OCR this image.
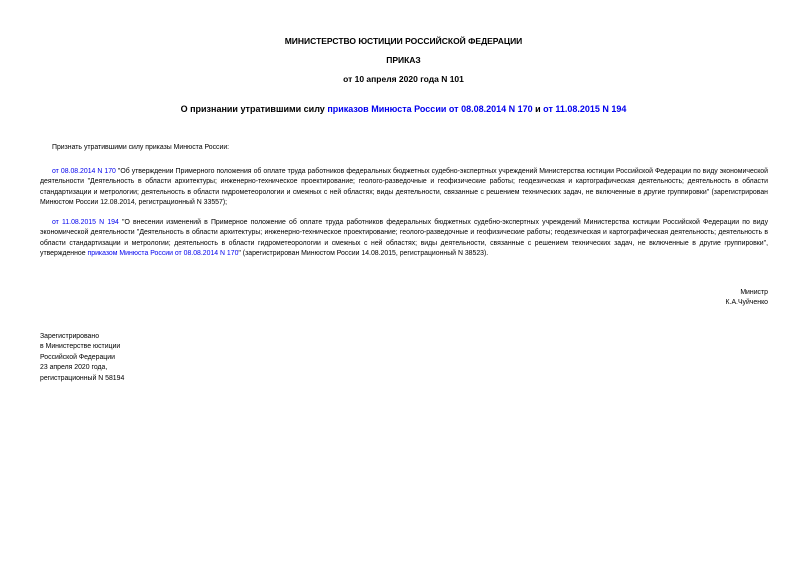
МИНИСТЕРСТВО ЮСТИЦИИ РОССИЙСКОЙ ФЕДЕРАЦИИ
ПРИКАЗ
от 10 апреля 2020 года N 101
О признании утратившими силу приказов Минюста России от 08.08.2014 N 170 и от 11.08.2015 N 194
Признать утратившими силу приказы Минюста России:
от 08.08.2014 N 170 "Об утверждении Примерного положения об оплате труда работников федеральных бюджетных судебно-экспертных учреждений Министерства юстиции Российской Федерации по виду экономической деятельности "Деятельность в области архитектуры; инженерно-техническое проектирование; геолого-разведочные и геофизические работы; геодезическая и картографическая деятельность; деятельность в области стандартизации и метрологии; деятельность в области гидрометеорологии и смежных с ней областях; виды деятельности, связанные с решением технических задач, не включенные в другие группировки" (зарегистрирован Минюстом России 12.08.2014, регистрационный N 33557);
от 11.08.2015 N 194 "О внесении изменений в Примерное положение об оплате труда работников федеральных бюджетных судебно-экспертных учреждений Министерства юстиции Российской Федерации по виду экономической деятельности "Деятельность в области архитектуры; инженерно-техническое проектирование; геолого-разведочные и геофизические работы; геодезическая и картографическая деятельность; деятельность в области стандартизации и метрологии; деятельность в области гидрометеорологии и смежных с ней областях; виды деятельности, связанные с решением технических задач, не включенные в другие группировки", утвержденное приказом Минюста России от 08.08.2014 N 170" (зарегистрирован Минюстом России 14.08.2015, регистрационный N 38523).
Министр
К.А.Чуйченко
Зарегистрировано
в Министерстве юстиции
Российской Федерации
23 апреля 2020 года,
регистрационный N 58194
